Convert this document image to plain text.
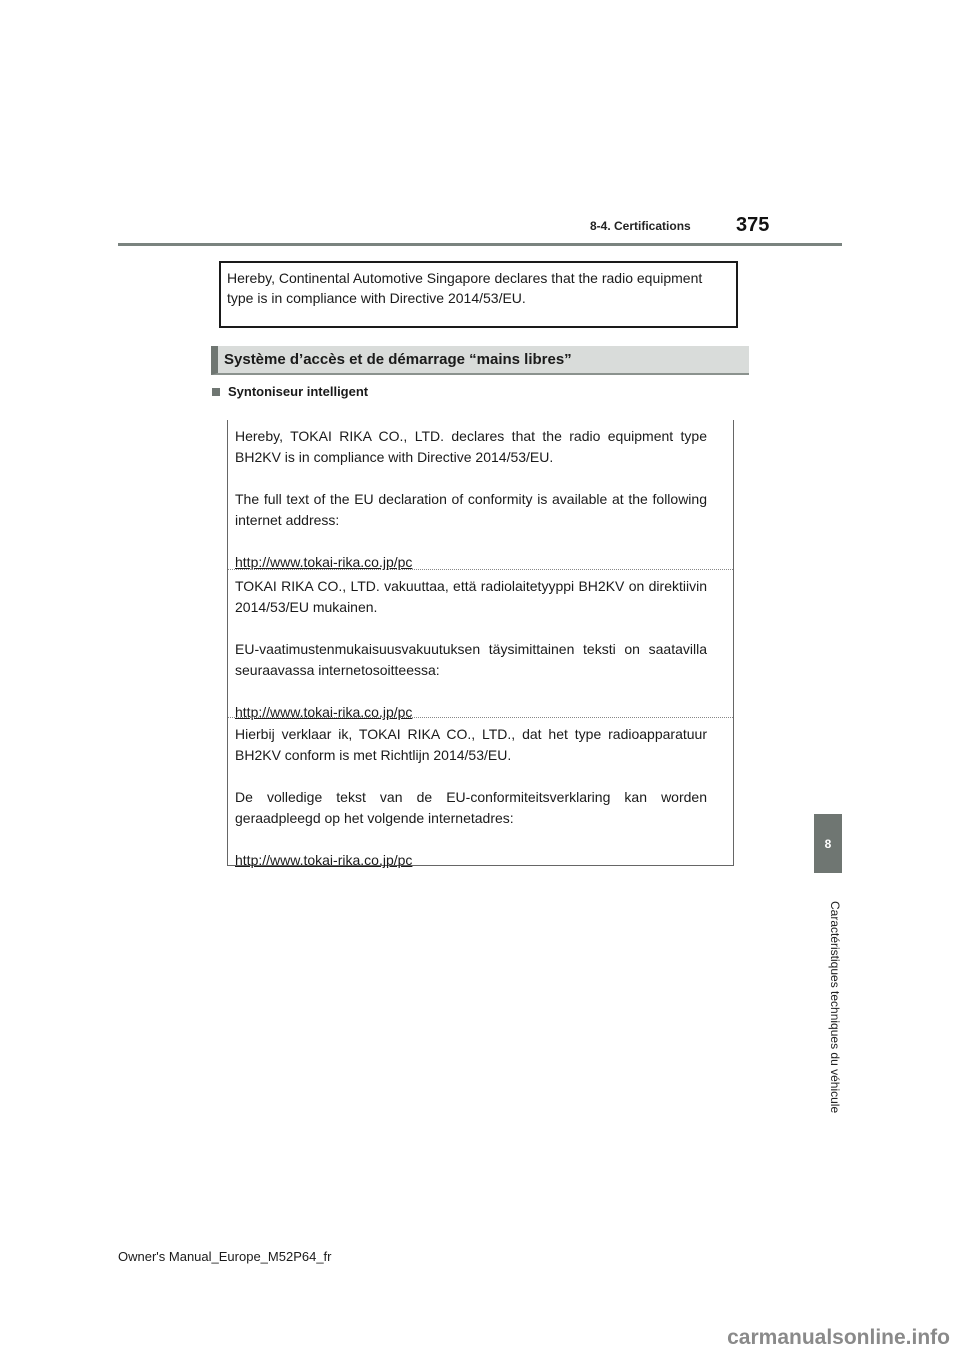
8-4. Certifications 375
8
Caractéristiques techniques du véhicule
Hereby, Continental Automotive Singapore declares that the radio equipment type is in compliance with Directive 2014/53/EU.
Système d’accès et de démarrage “mains libres”
Syntoniseur intelligent

Hereby, TOKAI RIKA CO., LTD. declares that the radio equipment type BH2KV is in compliance with Directive 2014/53/EU.

The full text of the EU declaration of conformity is available at the following internet address:

http://www.tokai-rika.co.jp/pc

TOKAI RIKA CO., LTD. vakuuttaa, että radiolaitetyyppi BH2KV on direktiivin 2014/53/EU mukainen.

EU-vaatimustenmukaisuusvakuutuksen täysimittainen teksti on saatavilla seuraavassa internetosoitteessa:

http://www.tokai-rika.co.jp/pc

Hierbij verklaar ik, TOKAI RIKA CO., LTD., dat het type radioapparatuur BH2KV conform is met Richtlijn 2014/53/EU.

De volledige tekst van de EU-conformiteitsverklaring kan worden geraadpleegd op het volgende internetadres:

http://www.tokai-rika.co.jp/pc

Owner's Manual_Europe_M52P64_fr
carmanualsonline.info
